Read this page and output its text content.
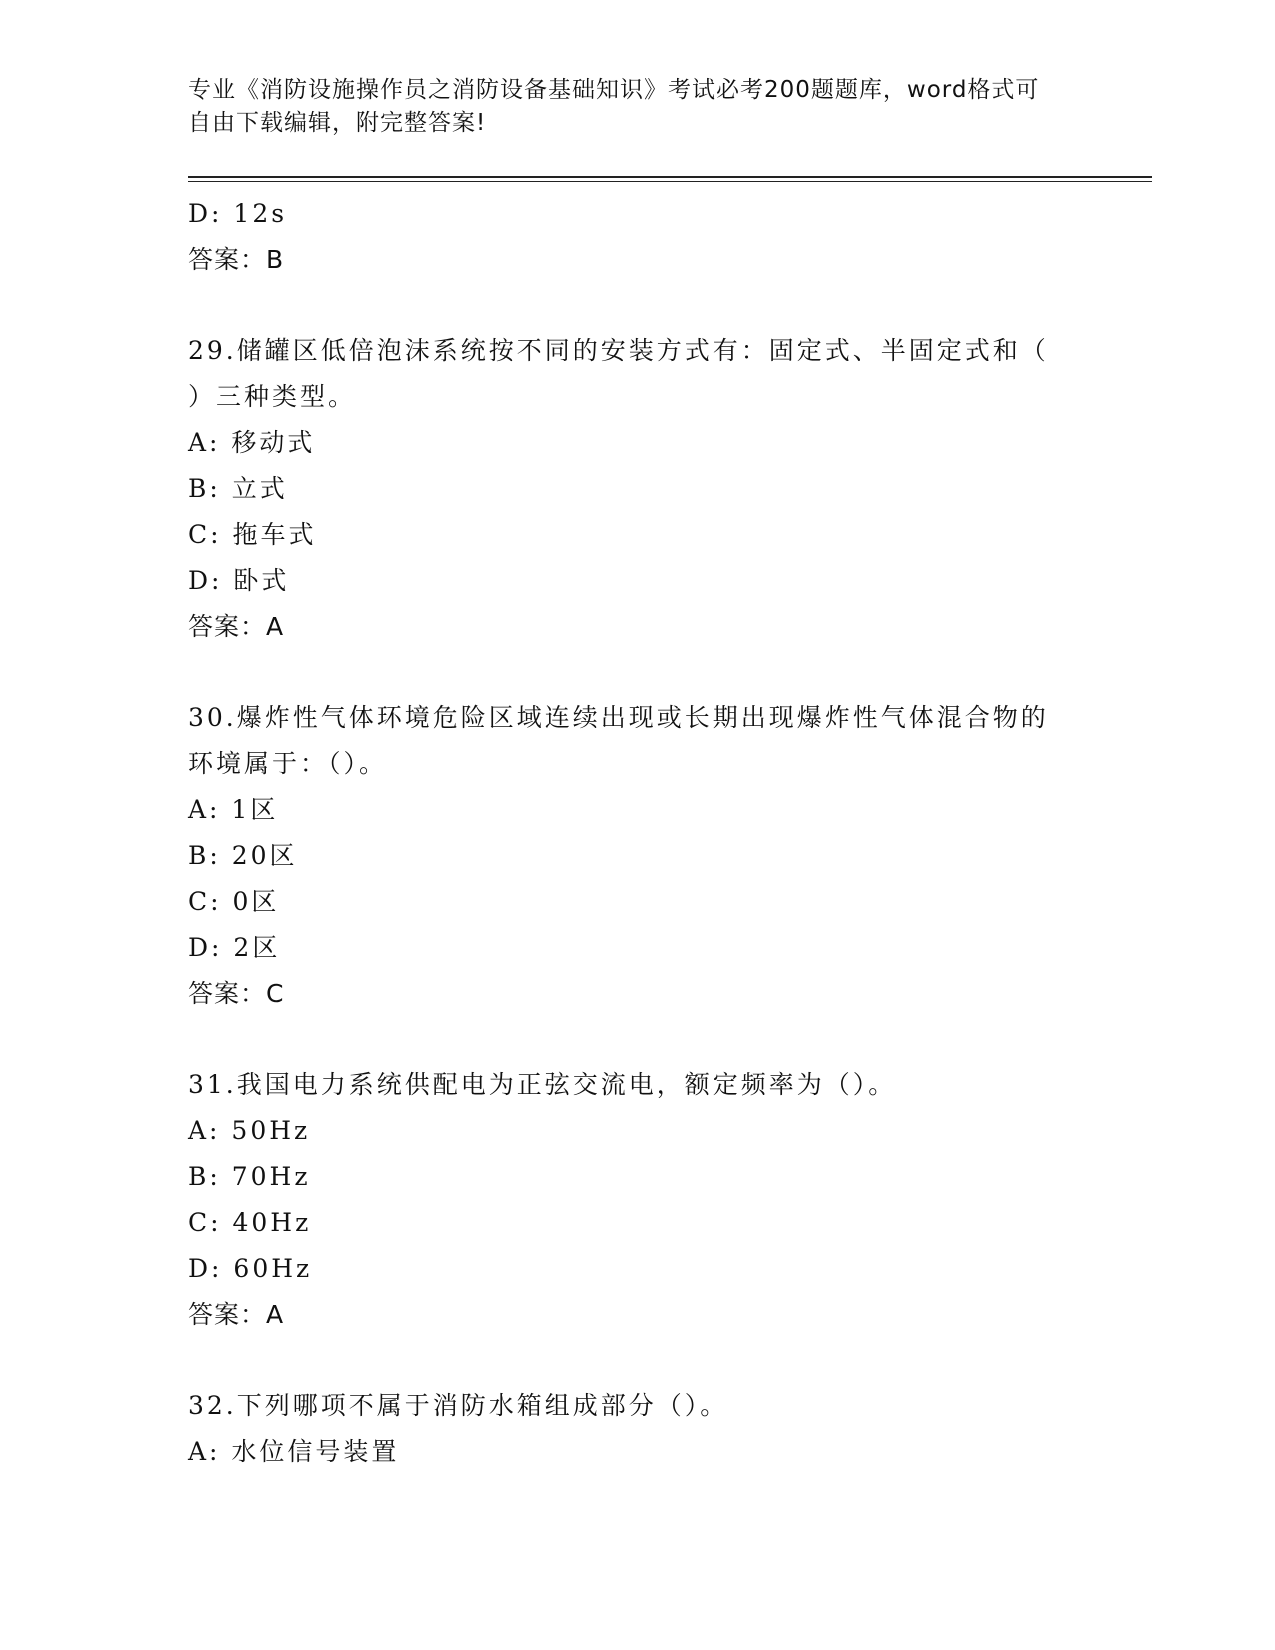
专业《消防设施操作员之消防设备基础知识》考试必考200题题库，word格式可
自由下载编辑，附完整答案!
D: 12s
答案：B
29.储罐区低倍泡沫系统按不同的安装方式有：固定式、半固定式和（
）三种类型。
A: 移动式
B: 立式
C: 拖车式
D: 卧式
答案：A
30.爆炸性气体环境危险区域连续出现或长期出现爆炸性气体混合物的
环境属于：（）。
A: 1区
B: 20区
C: 0区
D: 2区
答案：C
31.我国电力系统供配电为正弦交流电，额定频率为（）。
A: 50Hz
B: 70Hz
C: 40Hz
D: 60Hz
答案：A
32.下列哪项不属于消防水箱组成部分（）。
A: 水位信号装置
